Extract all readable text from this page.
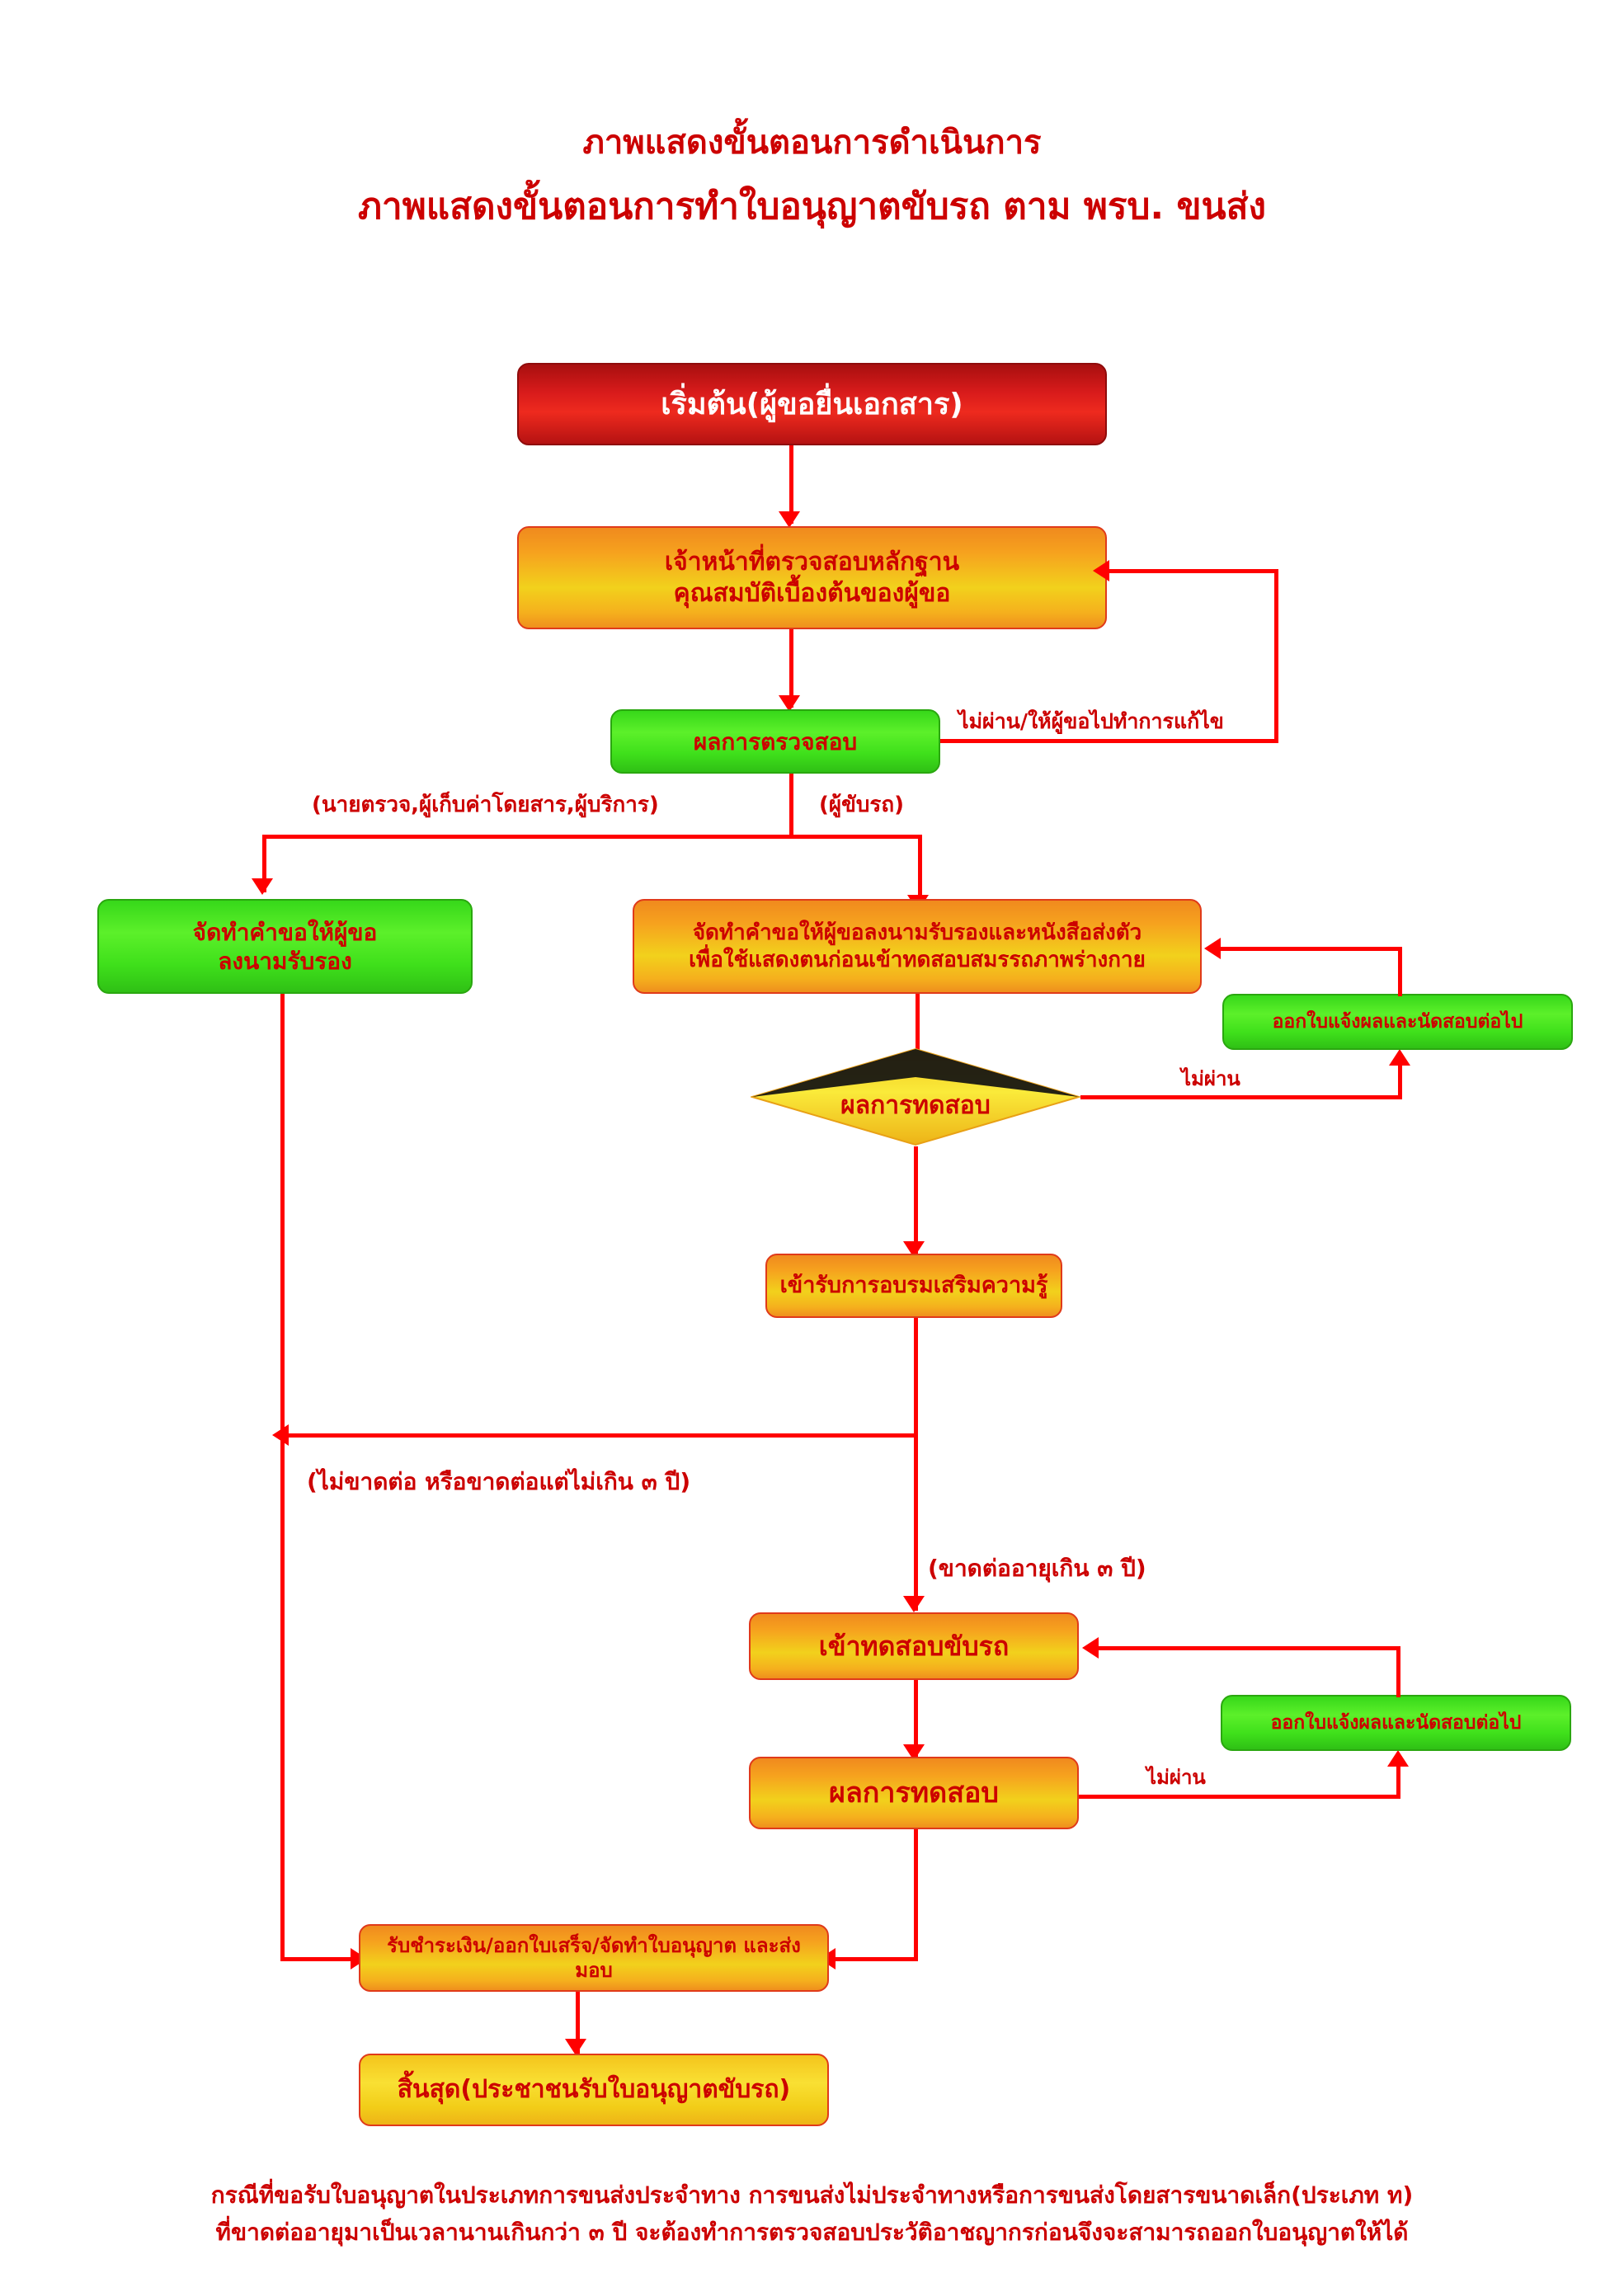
ภาพแสดงขั้นตอนการดำเนินการ
ภาพแสดงขั้นตอนการทำใบอนุญาตขับรถ ตาม พรบ. ขนส่ง
เริ่มต้น(ผู้ขอยื่นเอกสาร)
เจ้าหน้าที่ตรวจสอบหลักฐาน
คุณสมบัติเบื้องต้นของผู้ขอ
ผลการตรวจสอบ
ไม่ผ่าน/ให้ผู้ขอไปทำการแก้ไข
(นายตรวจ,ผู้เก็บค่าโดยสาร,ผู้บริการ)	(ผู้ขับรถ)
จัดทำคำขอให้ผู้ขอ
ลงนามรับรอง
จัดทำคำขอให้ผู้ขอลงนามรับรองและหนังสือส่งตัว
เพื่อใช้แสดงตนก่อนเข้าทดสอบสมรรถภาพร่างกาย
ผลการทดสอบ
ไม่ผ่าน
ออกใบแจ้งผลและนัดสอบต่อไป
เข้ารับการอบรมเสริมความรู้
(ไม่ขาดต่อ หรือขาดต่อแต่ไม่เกิน ๓ ปี)
(ขาดต่ออายุเกิน ๓ ปี)
เข้าทดสอบขับรถ
ผลการทดสอบ	ไม่ผ่าน
ออกใบแจ้งผลและนัดสอบต่อไป
รับชำระเงิน/ออกใบเสร็จ/จัดทำใบอนุญาต และส่งมอบ
สิ้นสุด(ประชาชนรับใบอนุญาตขับรถ)
กรณีที่ขอรับใบอนุญาตในประเภทการขนส่งประจำทาง การขนส่งไม่ประจำทางหรือการขนส่งโดยสารขนาดเล็ก(ประเภท ท)
ที่ขาดต่ออายุมาเป็นเวลานานเกินกว่า ๓ ปี จะต้องทำการตรวจสอบประวัติอาชญากรก่อนจึงจะสามารถออกใบอนุญาตให้ได้
